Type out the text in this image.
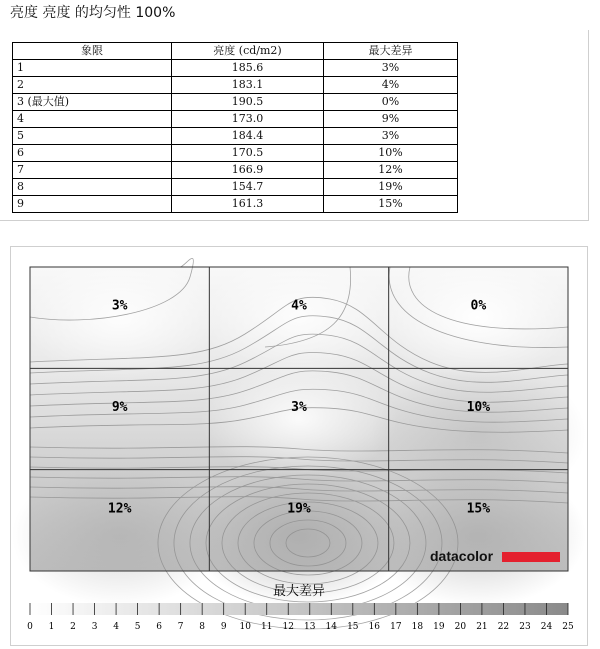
亮度 亮度 的均匀性 100%
象限	亮度 (cd/m2)	最大差异
1	185.6	3%
2	183.1	4%
3 (最大值)	190.5	0%
4	173.0	9%
5	184.4	3%
6	170.5	10%
7	166.9	12%
8	154.7	19%
9	161.3	15%
3%	4%	0%
9%	3%	10%
12%	19%	15%
datacolor
最大差异
0 1 2 3 4 5 6 7 8 9 10 11 12 13 14 15 16 17 18 19 20 21 22 23 24 25
